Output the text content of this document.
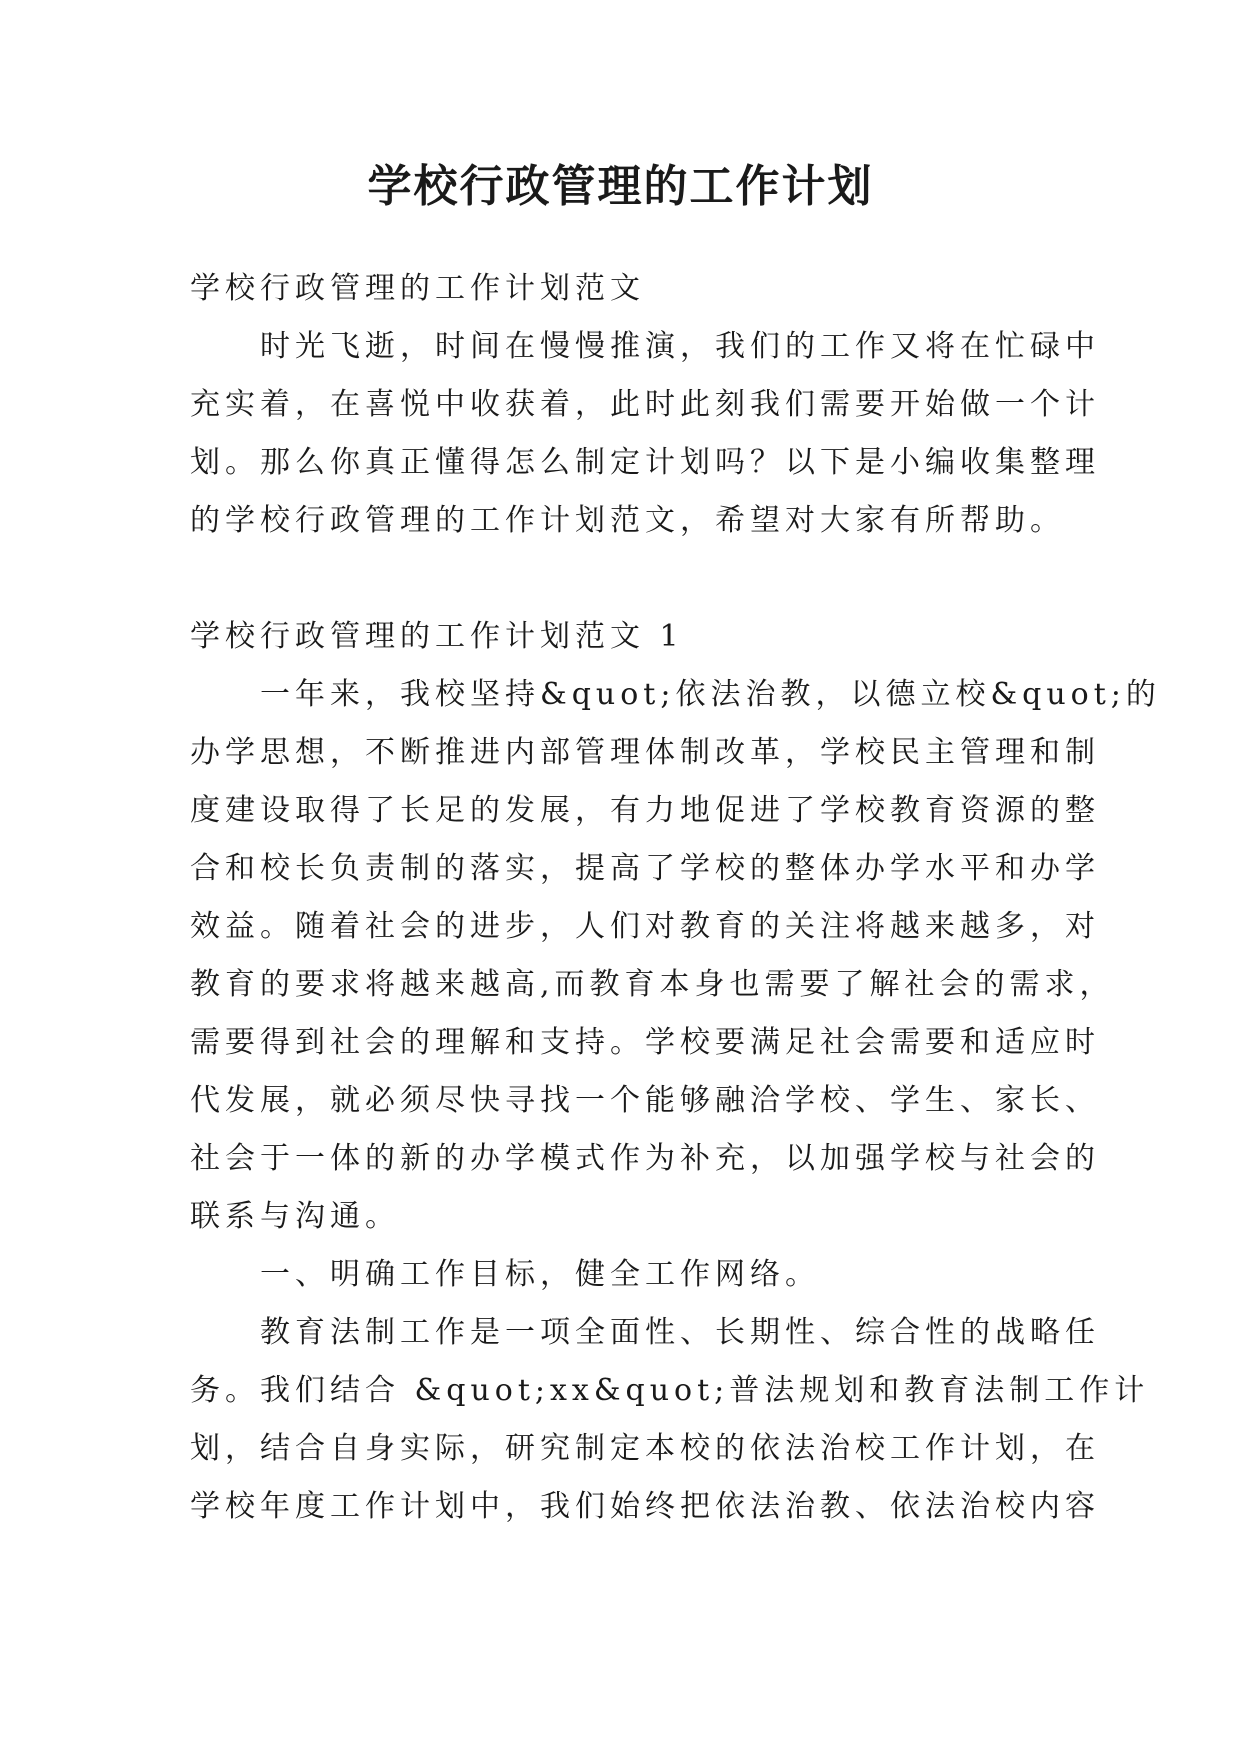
学校行政管理的工作计划
学校行政管理的工作计划范文
时光飞逝，时间在慢慢推演，我们的工作又将在忙碌中
充实着，在喜悦中收获着，此时此刻我们需要开始做一个计
划。那么你真正懂得怎么制定计划吗？以下是小编收集整理
的学校行政管理的工作计划范文，希望对大家有所帮助。
学校行政管理的工作计划范文 1
一年来，我校坚持&quot;依法治教，以德立校&quot;的
办学思想，不断推进内部管理体制改革，学校民主管理和制
度建设取得了长足的发展，有力地促进了学校教育资源的整
合和校长负责制的落实，提高了学校的整体办学水平和办学
效益。随着社会的进步，人们对教育的关注将越来越多，对
教育的要求将越来越高,而教育本身也需要了解社会的需求，
需要得到社会的理解和支持。学校要满足社会需要和适应时
代发展，就必须尽快寻找一个能够融洽学校、学生、家长、
社会于一体的新的办学模式作为补充，以加强学校与社会的
联系与沟通。
一、明确工作目标，健全工作网络。
教育法制工作是一项全面性、长期性、综合性的战略任
务。我们结合 &quot;xx&quot;普法规划和教育法制工作计
划，结合自身实际，研究制定本校的依法治校工作计划，在
学校年度工作计划中，我们始终把依法治教、依法治校内容
